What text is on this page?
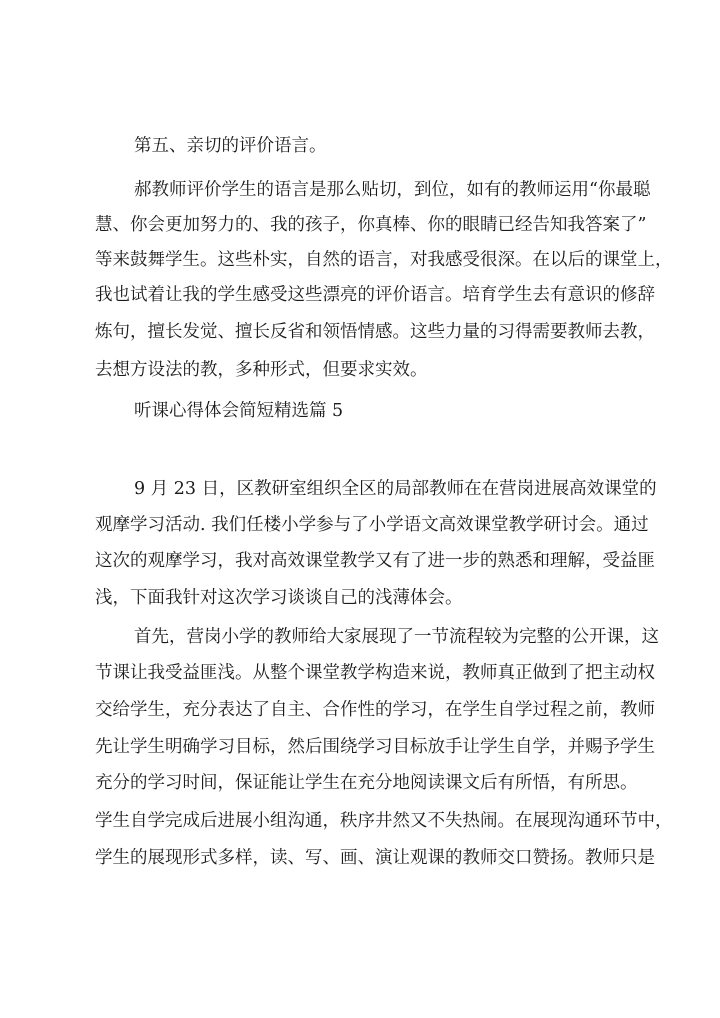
第五、亲切的评价语言。
郝教师评价学生的语言是那么贴切，到位，如有的教师运用“你最聪
慧、你会更加努力的、我的孩子，你真棒、你的眼睛已经告知我答案了”
等来鼓舞学生。这些朴实，自然的语言，对我感受很深。在以后的课堂上，
我也试着让我的学生感受这些漂亮的评价语言。培育学生去有意识的修辞
炼句，擅长发觉、擅长反省和领悟情感。这些力量的习得需要教师去教，
去想方设法的教，多种形式，但要求实效。
听课心得体会简短精选篇 5
9 月 23 日，区教研室组织全区的局部教师在在营岗进展高效课堂的
观摩学习活动. 我们任楼小学参与了小学语文高效课堂教学研讨会。通过
这次的观摩学习，我对高效课堂教学又有了进一步的熟悉和理解，受益匪
浅，下面我针对这次学习谈谈自己的浅薄体会。
首先，营岗小学的教师给大家展现了一节流程较为完整的公开课，这
节课让我受益匪浅。从整个课堂教学构造来说，教师真正做到了把主动权
交给学生，充分表达了自主、合作性的学习，在学生自学过程之前，教师
先让学生明确学习目标，然后围绕学习目标放手让学生自学，并赐予学生
充分的学习时间，保证能让学生在充分地阅读课文后有所悟，有所思。
学生自学完成后进展小组沟通，秩序井然又不失热闹。在展现沟通环节中，
学生的展现形式多样，读、写、画、演让观课的教师交口赞扬。教师只是
